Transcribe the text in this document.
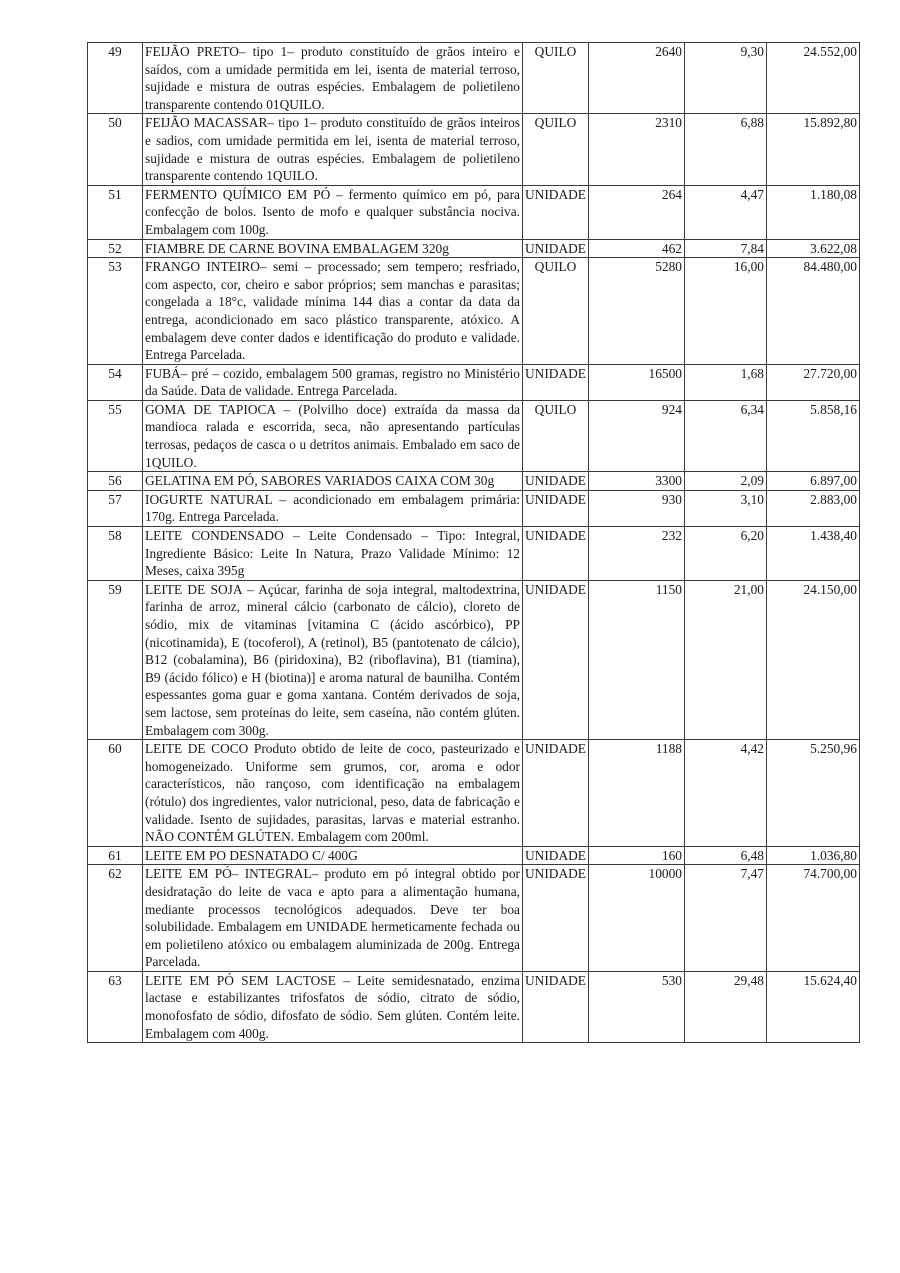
49	FEIJÃO PRETO– tipo 1– produto constituído de grãos inteiro e saídos, com a umidade permitida em lei, isenta de material terroso, sujidade e mistura de outras espécies. Embalagem de polietileno transparente contendo 01QUILO.	QUILO	2640	9,30	24.552,00
50	FEIJÃO MACASSAR– tipo 1– produto constituído de grãos inteiros e sadios, com umidade permitida em lei, isenta de material terroso, sujidade e mistura de outras espécies. Embalagem de polietileno transparente contendo 1QUILO.	QUILO	2310	6,88	15.892,80
51	FERMENTO QUÍMICO EM PÓ – fermento químico em pó, para confecção de bolos. Isento de mofo e qualquer substância nociva. Embalagem com 100g.	UNIDADE	264	4,47	1.180,08
52	FIAMBRE DE CARNE BOVINA EMBALAGEM 320g	UNIDADE	462	7,84	3.622,08
53	FRANGO INTEIRO– semi – processado; sem tempero; resfriado, com aspecto, cor, cheiro e sabor próprios; sem manchas e parasitas; congelada a 18°c, validade mínima 144 dias a contar da data da entrega, acondicionado em saco plástico transparente, atóxico. A embalagem deve conter dados e identificação do produto e validade. Entrega Parcelada.	QUILO	5280	16,00	84.480,00
54	FUBÁ– pré – cozido, embalagem 500 gramas, registro no Ministério da Saúde. Data de validade. Entrega Parcelada.	UNIDADE	16500	1,68	27.720,00
55	GOMA DE TAPIOCA – (Polvilho doce) extraída da massa da mandioca ralada e escorrida, seca, não apresentando partículas terrosas, pedaços de casca o u detritos animais. Embalado em saco de 1QUILO.	QUILO	924	6,34	5.858,16
56	GELATINA EM PÓ, SABORES VARIADOS CAIXA COM 30g	UNIDADE	3300	2,09	6.897,00
57	IOGURTE NATURAL – acondicionado em embalagem primária: 170g. Entrega Parcelada.	UNIDADE	930	3,10	2.883,00
58	LEITE CONDENSADO – Leite Condensado – Tipo: Integral, Ingrediente Básico: Leite In Natura, Prazo Validade Mínimo: 12 Meses, caixa 395g	UNIDADE	232	6,20	1.438,40
59	LEITE DE SOJA – Açúcar, farinha de soja integral, maltodextrina, farinha de arroz, mineral cálcio (carbonato de cálcio), cloreto de sódio, mix de vitaminas [vitamina C (ácido ascórbico), PP (nicotinamida), E (tocoferol), A (retinol), B5 (pantotenato de cálcio), B12 (cobalamina), B6 (piridoxina), B2 (riboflavina), B1 (tiamina), B9 (ácido fólico) e H (biotina)] e aroma natural de baunilha. Contém espessantes goma guar e goma xantana. Contém derivados de soja, sem lactose, sem proteínas do leite, sem caseína, não contém glúten. Embalagem com 300g.	UNIDADE	1150	21,00	24.150,00
60	LEITE DE COCO Produto obtido de leite de coco, pasteurizado e homogeneizado. Uniforme sem grumos, cor, aroma e odor característicos, não rançoso, com identificação na embalagem (rótulo) dos ingredientes, valor nutricional, peso, data de fabricação e validade. Isento de sujidades, parasitas, larvas e material estranho. NÃO CONTÉM GLÚTEN. Embalagem com 200ml.	UNIDADE	1188	4,42	5.250,96
61	LEITE EM PO DESNATADO C/ 400G	UNIDADE	160	6,48	1.036,80
62	LEITE EM PÓ– INTEGRAL– produto em pó integral obtido por desidratação do leite de vaca e apto para a alimentação humana, mediante processos tecnológicos adequados. Deve ter boa solubilidade. Embalagem em UNIDADE hermeticamente fechada ou em polietileno atóxico ou embalagem aluminizada de 200g. Entrega Parcelada.	UNIDADE	10000	7,47	74.700,00
63	LEITE EM PÓ SEM LACTOSE – Leite semidesnatado, enzima lactase e estabilizantes trifosfatos de sódio, citrato de sódio, monofosfato de sódio, difosfato de sódio. Sem glúten. Contém leite. Embalagem com 400g.	UNIDADE	530	29,48	15.624,40
